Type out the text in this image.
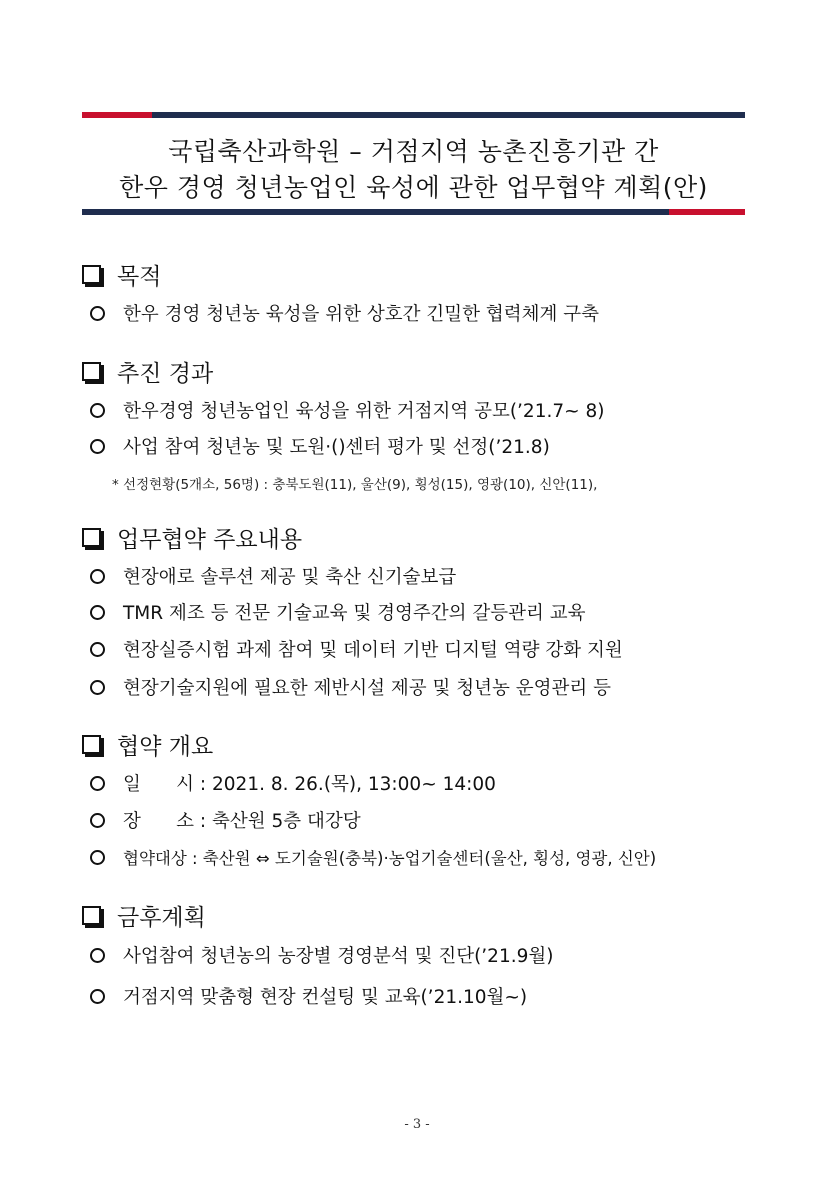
국립축산과학원 – 거점지역 농촌진흥기관 간
한우 경영 청년농업인 육성에 관한 업무협약 계획(안)
목적
한우 경영 청년농 육성을 위한 상호간 긴밀한 협력체계 구축
추진 경과
한우경영 청년농업인 육성을 위한 거점지역 공모(’21.7~ 8)
사업 참여 청년농 및 도원·()센터 평가 및 선정(’21.8)
* 선정현황(5개소, 56명) : 충북도원(11), 울산(9), 횡성(15), 영광(10), 신안(11),
업무협약 주요내용
현장애로 솔루션 제공 및 축산 신기술보급
TMR 제조 등 전문 기술교육 및 경영주간의 갈등관리 교육
현장실증시험 과제 참여 및 데이터 기반 디지털 역량 강화 지원
현장기술지원에 필요한 제반시설 제공 및 청년농 운영관리 등
협약 개요
일      시 : 2021. 8. 26.(목), 13:00~ 14:00
장      소 : 축산원 5층 대강당
협약대상 : 축산원 ⇔ 도기술원(충북)·농업기술센터(울산, 횡성, 영광, 신안)
금후계획
사업참여 청년농의 농장별 경영분석 및 진단(’21.9월)
거점지역 맞춤형 현장 컨설팅 및 교육(’21.10월~)
- 3 -
